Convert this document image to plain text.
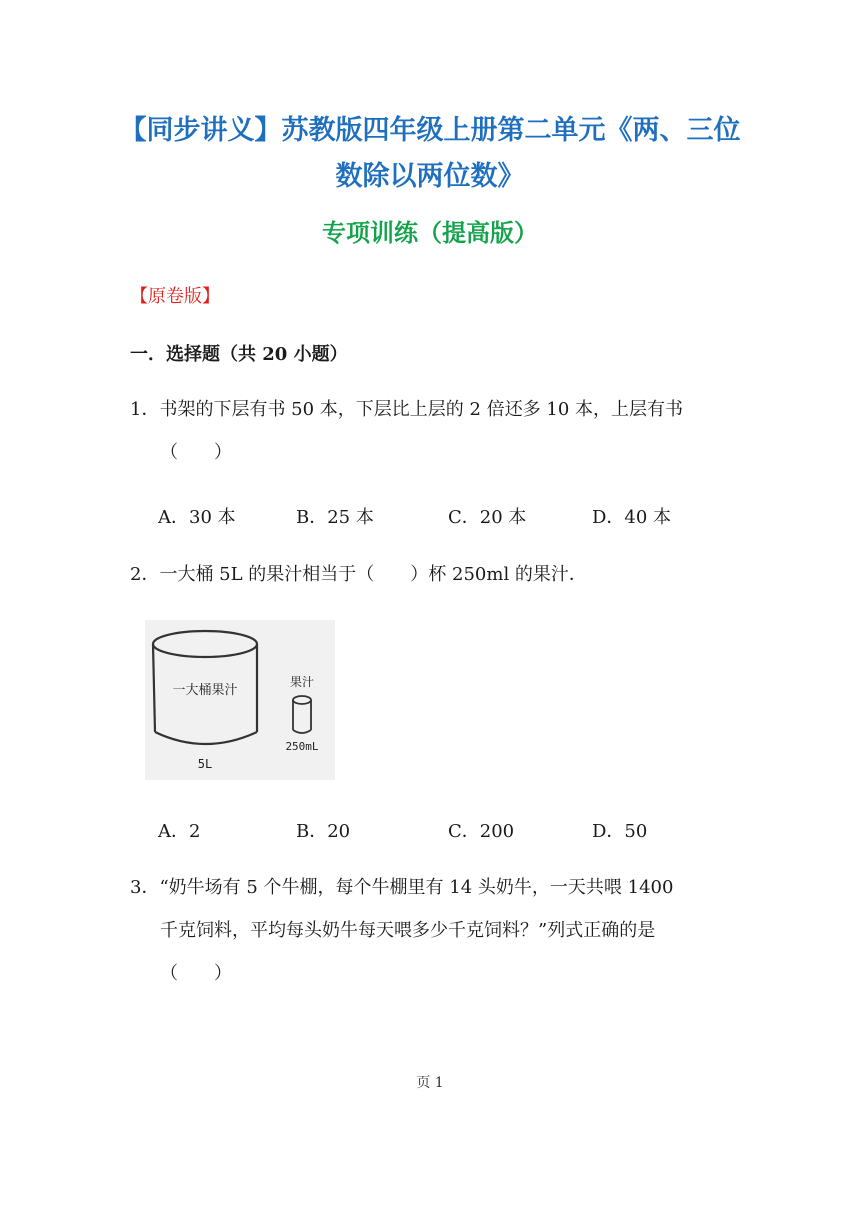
【同步讲义】苏教版四年级上册第二单元《两、三位
数除以两位数》
专项训练（提高版）
【原卷版】
一．选择题（共 20 小题）
1．书架的下层有书 50 本，下层比上层的 2 倍还多 10 本，上层有书
（　　）
A．30 本	B．25 本	C．20 本	D．40 本
2．一大桶 5L 的果汁相当于（　　）杯 250ml 的果汁．
一大桶果汁
5L
果汁
250mL
A．2	B．20	C．200	D．50
3．“奶牛场有 5 个牛棚，每个牛棚里有 14 头奶牛，一天共喂 1400
千克饲料，平均每头奶牛每天喂多少千克饲料？”列式正确的是
（　　）
页 1
